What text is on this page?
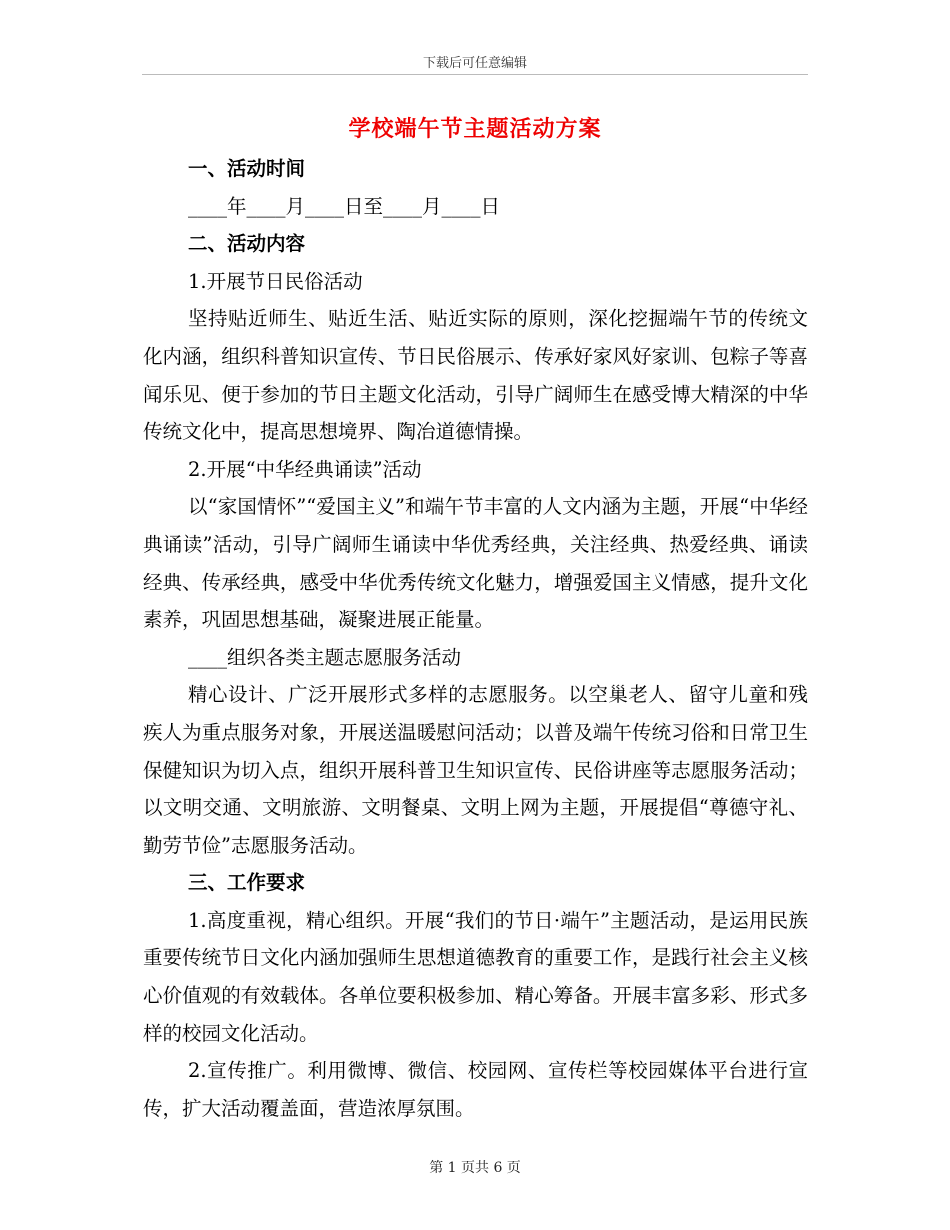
下载后可任意编辑
学校端午节主题活动方案

一、活动时间

____年____月____日至____月____日

二、活动内容

1.开展节日民俗活动

坚持贴近师生、贴近生活、贴近实际的原则，深化挖掘端午节的传统文化内涵，组织科普知识宣传、节日民俗展示、传承好家风好家训、包粽子等喜闻乐见、便于参加的节日主题文化活动，引导广阔师生在感受博大精深的中华传统文化中，提高思想境界、陶冶道德情操。

2.开展“中华经典诵读”活动

以“家国情怀”“爱国主义”和端午节丰富的人文内涵为主题，开展“中华经典诵读”活动，引导广阔师生诵读中华优秀经典，关注经典、热爱经典、诵读经典、传承经典，感受中华优秀传统文化魅力，增强爱国主义情感，提升文化素养，巩固思想基础，凝聚进展正能量。

____组织各类主题志愿服务活动

精心设计、广泛开展形式多样的志愿服务。以空巢老人、留守儿童和残疾人为重点服务对象，开展送温暖慰问活动；以普及端午传统习俗和日常卫生保健知识为切入点，组织开展科普卫生知识宣传、民俗讲座等志愿服务活动；以文明交通、文明旅游、文明餐桌、文明上网为主题，开展提倡“尊德守礼、勤劳节俭”志愿服务活动。

三、工作要求

1.高度重视，精心组织。开展“我们的节日·端午”主题活动，是运用民族重要传统节日文化内涵加强师生思想道德教育的重要工作，是践行社会主义核心价值观的有效载体。各单位要积极参加、精心筹备。开展丰富多彩、形式多样的校园文化活动。

2.宣传推广。利用微博、微信、校园网、宣传栏等校园媒体平台进行宣传，扩大活动覆盖面，营造浓厚氛围。

第 1 页共 6 页
